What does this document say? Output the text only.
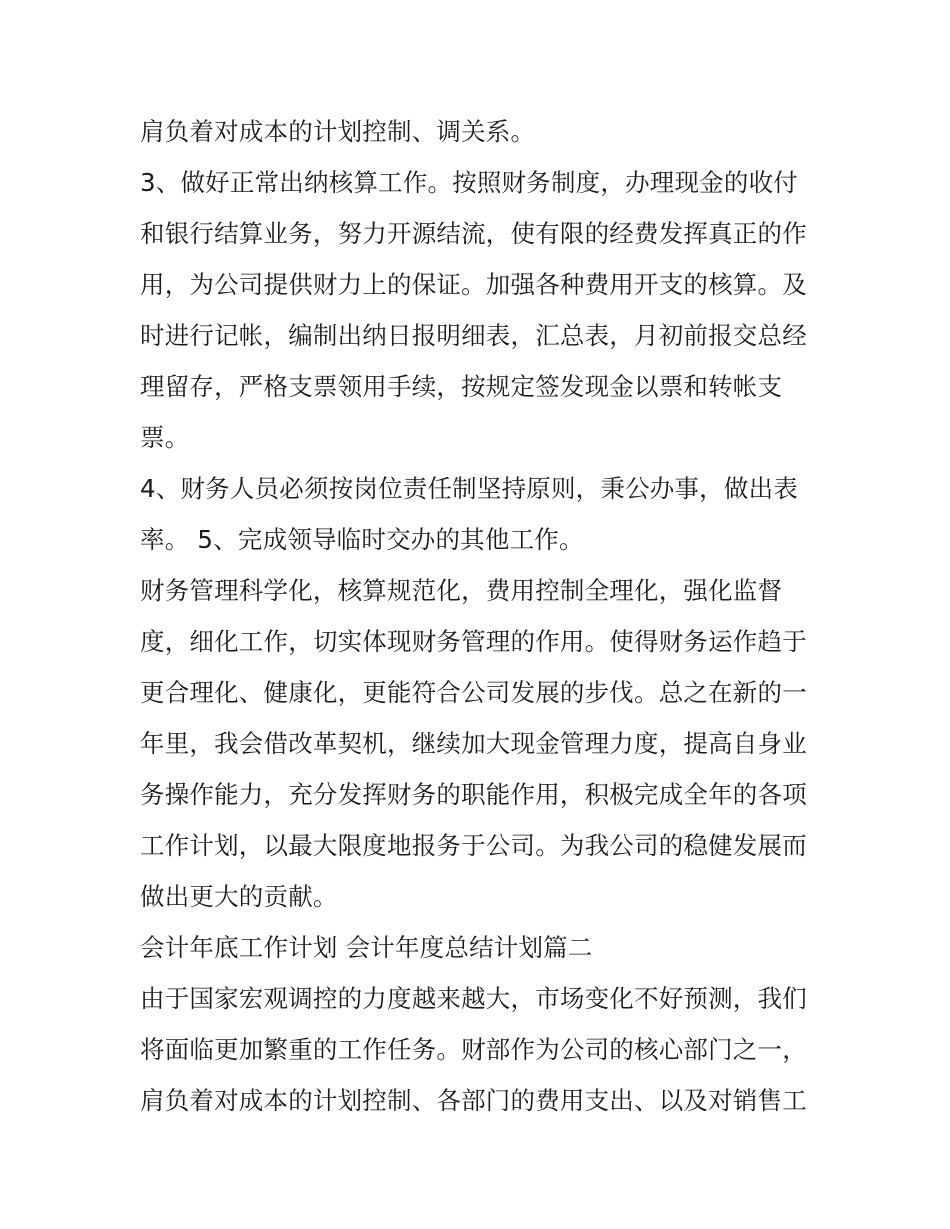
肩负着对成本的计划控制、调关系。
3、做好正常出纳核算工作。按照财务制度，办理现金的收付
和银行结算业务，努力开源结流，使有限的经费发挥真正的作
用，为公司提供财力上的保证。加强各种费用开支的核算。及
时进行记帐，编制出纳日报明细表，汇总表，月初前报交总经
理留存，严格支票领用手续，按规定签发现金以票和转帐支
票。
4、财务人员必须按岗位责任制坚持原则，秉公办事，做出表
率。 5、完成领导临时交办的其他工作。
财务管理科学化，核算规范化，费用控制全理化，强化监督
度，细化工作，切实体现财务管理的作用。使得财务运作趋于
更合理化、健康化，更能符合公司发展的步伐。总之在新的一
年里，我会借改革契机，继续加大现金管理力度，提高自身业
务操作能力，充分发挥财务的职能作用，积极完成全年的各项
工作计划，以最大限度地报务于公司。为我公司的稳健发展而
做出更大的贡献。
会计年底工作计划 会计年度总结计划篇二
由于国家宏观调控的力度越来越大，市场变化不好预测，我们
将面临更加繁重的工作任务。财部作为公司的核心部门之一，
肩负着对成本的计划控制、各部门的费用支出、以及对销售工
